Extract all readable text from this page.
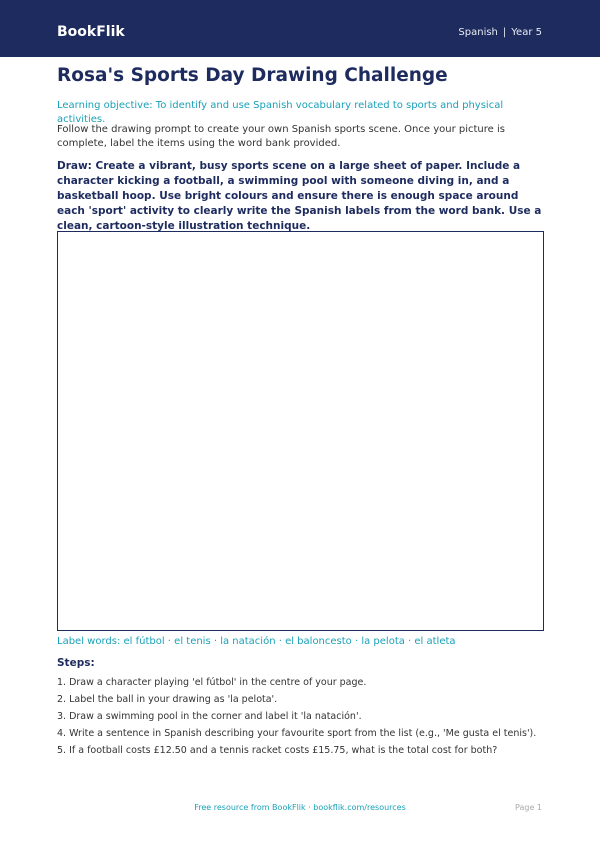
BookFlik	Spanish | Year 5
Rosa's Sports Day Drawing Challenge
Learning objective: To identify and use Spanish vocabulary related to sports and physical activities.
Follow the drawing prompt to create your own Spanish sports scene. Once your picture is complete, label the items using the word bank provided.
Draw: Create a vibrant, busy sports scene on a large sheet of paper. Include a character kicking a football, a swimming pool with someone diving in, and a basketball hoop. Use bright colours and ensure there is enough space around each 'sport' activity to clearly write the Spanish labels from the word bank. Use a clean, cartoon-style illustration technique.
Label words: el fútbol · el tenis · la natación · el baloncesto · la pelota · el atleta
Steps:
1. Draw a character playing 'el fútbol' in the centre of your page.
2. Label the ball in your drawing as 'la pelota'.
3. Draw a swimming pool in the corner and label it 'la natación'.
4. Write a sentence in Spanish describing your favourite sport from the list (e.g., 'Me gusta el tenis').
5. If a football costs £12.50 and a tennis racket costs £15.75, what is the total cost for both?
Free resource from BookFlik · bookflik.com/resources	Page 1
